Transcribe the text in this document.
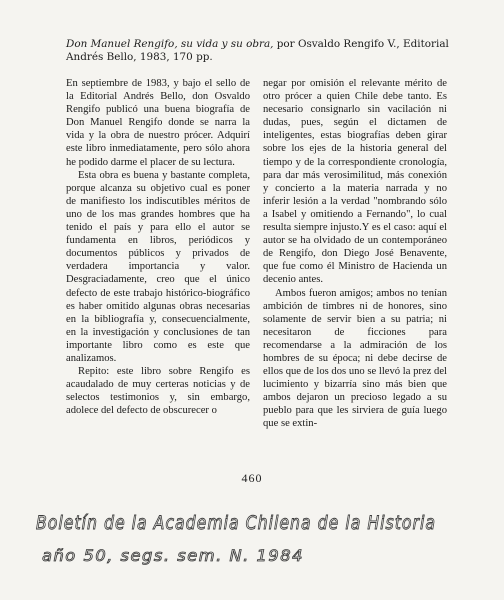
Don Manuel Rengifo, su vida y su obra, por Osvaldo Rengifo V., Editorial Andrés Bello, 1983, 170 pp.

En septiembre de 1983, y bajo el sello de la Editorial Andrés Bello, don Osvaldo Rengifo publicó una buena biografía de Don Manuel Rengifo donde se narra la vida y la obra de nuestro prócer. Adquirí este libro inmediatamente, pero sólo ahora he podido darme el placer de su lectura.

Esta obra es buena y bastante completa, porque alcanza su objetivo cual es poner de manifiesto los indiscutibles méritos de uno de los mas grandes hombres que ha tenido el país y para ello el autor se fundamenta en libros, periódicos y documentos públicos y privados de verdadera importancia y valor. Desgraciadamente, creo que el único defecto de este trabajo histórico-biográfico es haber omitido algunas obras necesarias en la bibliografía y, consecuencialmente, en la investigación y conclusiones de tan importante libro como es este que analizamos.

Repito: este libro sobre Rengifo es acaudalado de muy certeras noticias y de selectos testimonios y, sin embargo, adolece del defecto de obscurecer o

negar por omisión el relevante mérito de otro prócer a quien Chile debe tanto. Es necesario consignarlo sin vacilación ni dudas, pues, según el dictamen de inteligentes, estas biografías deben girar sobre los ejes de la historia general del tiempo y de la correspondiente cronología, para dar más verosimilitud, más conexión y concierto a la materia narrada y no inferir lesión a la verdad "nombrando sólo a Isabel y omitiendo a Fernando", lo cual resulta siempre injusto.Y es el caso: aquí el autor se ha olvidado de un contemporáneo de Rengifo, don Diego José Benavente, que fue como él Ministro de Hacienda un decenio antes.

Ambos fueron amigos; ambos no tenían ambición de timbres ni de honores, sino solamente de servir bien a su patria; ni necesitaron de ficciones para recomendarse a la admiración de los hombres de su época; ni debe decirse de ellos que de los dos uno se llevó la prez del lucimiento y bizarría sino más bien que ambos dejaron un precioso legado a su pueblo para que les sirviera de guía luego que se extin-

460
Boletín de la Academia Chilena de la Historia
año 50, segs. sem. N. 1984
